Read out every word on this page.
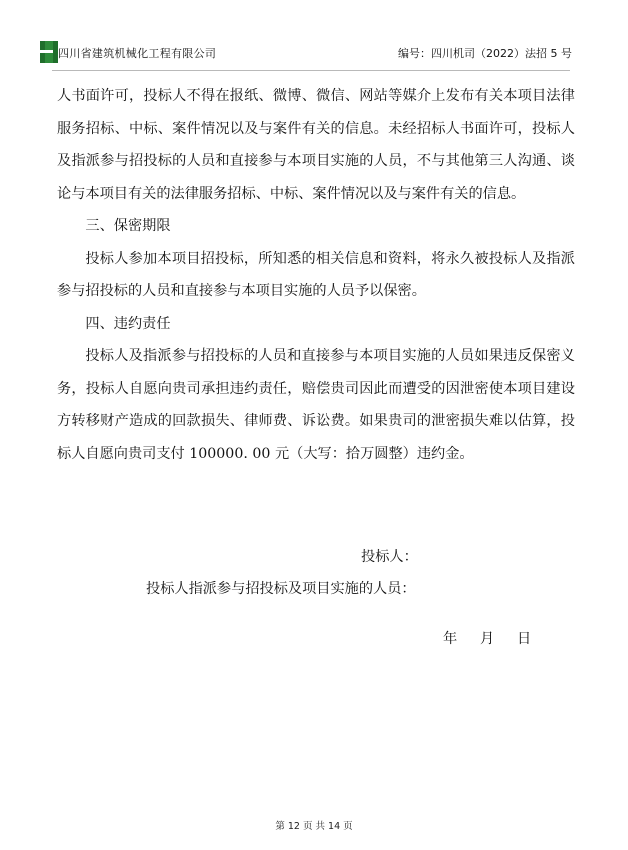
四川省建筑机械化工程有限公司	编号：四川机司（2022）法招 5 号

人书面许可，投标人不得在报纸、微博、微信、网站等媒介上发布有关本项目法律服务招标、中标、案件情况以及与案件有关的信息。未经招标人书面许可，投标人及指派参与招投标的人员和直接参与本项目实施的人员，不与其他第三人沟通、谈论与本项目有关的法律服务招标、中标、案件情况以及与案件有关的信息。

三、保密期限

投标人参加本项目招投标，所知悉的相关信息和资料，将永久被投标人及指派参与招投标的人员和直接参与本项目实施的人员予以保密。

四、违约责任

投标人及指派参与招投标的人员和直接参与本项目实施的人员如果违反保密义务，投标人自愿向贵司承担违约责任，赔偿贵司因此而遭受的因泄密使本项目建设方转移财产造成的回款损失、律师费、诉讼费。如果贵司的泄密损失难以估算，投标人自愿向贵司支付 100000. 00 元（大写：拾万圆整）违约金。

投标人：
投标人指派参与招投标及项目实施的人员：
年 月 日
第 12 页 共 14 页
